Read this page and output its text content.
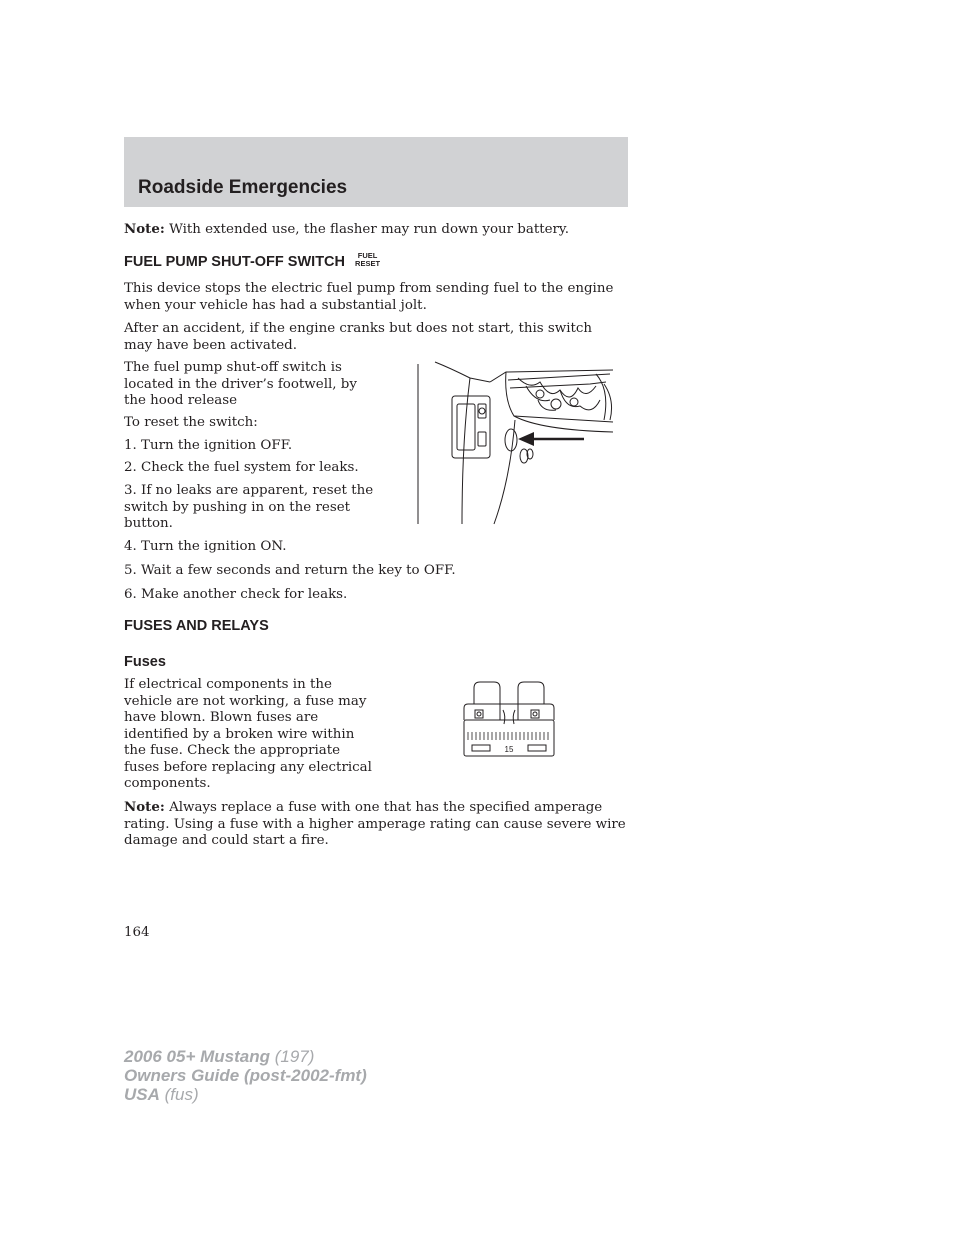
Roadside Emergencies

Note: With extended use, the flasher may run down your battery.

FUEL PUMP SHUT-OFF SWITCH FUEL
RESET

This device stops the electric fuel pump from sending fuel to the engine when your vehicle has had a substantial jolt.

After an accident, if the engine cranks but does not start, this switch may have been activated.

The fuel pump shut-off switch is located in the driver’s footwell, by the hood release

To reset the switch:

1. Turn the ignition OFF.

2. Check the fuel system for leaks.

3. If no leaks are apparent, reset the switch by pushing in on the reset button.

4. Turn the ignition ON.

5. Wait a few seconds and return the key to OFF.

6. Make another check for leaks.

FUSES AND RELAYS
Fuses

If electrical components in the vehicle are not working, a fuse may have blown. Blown fuses are identified by a broken wire within the fuse. Check the appropriate fuses before replacing any electrical components.

15

Note: Always replace a fuse with one that has the specified amperage rating. Using a fuse with a higher amperage rating can cause severe wire damage and could start a fire.

164
2006 05+ Mustang (197)
Owners Guide (post-2002-fmt)
USA (fus)
